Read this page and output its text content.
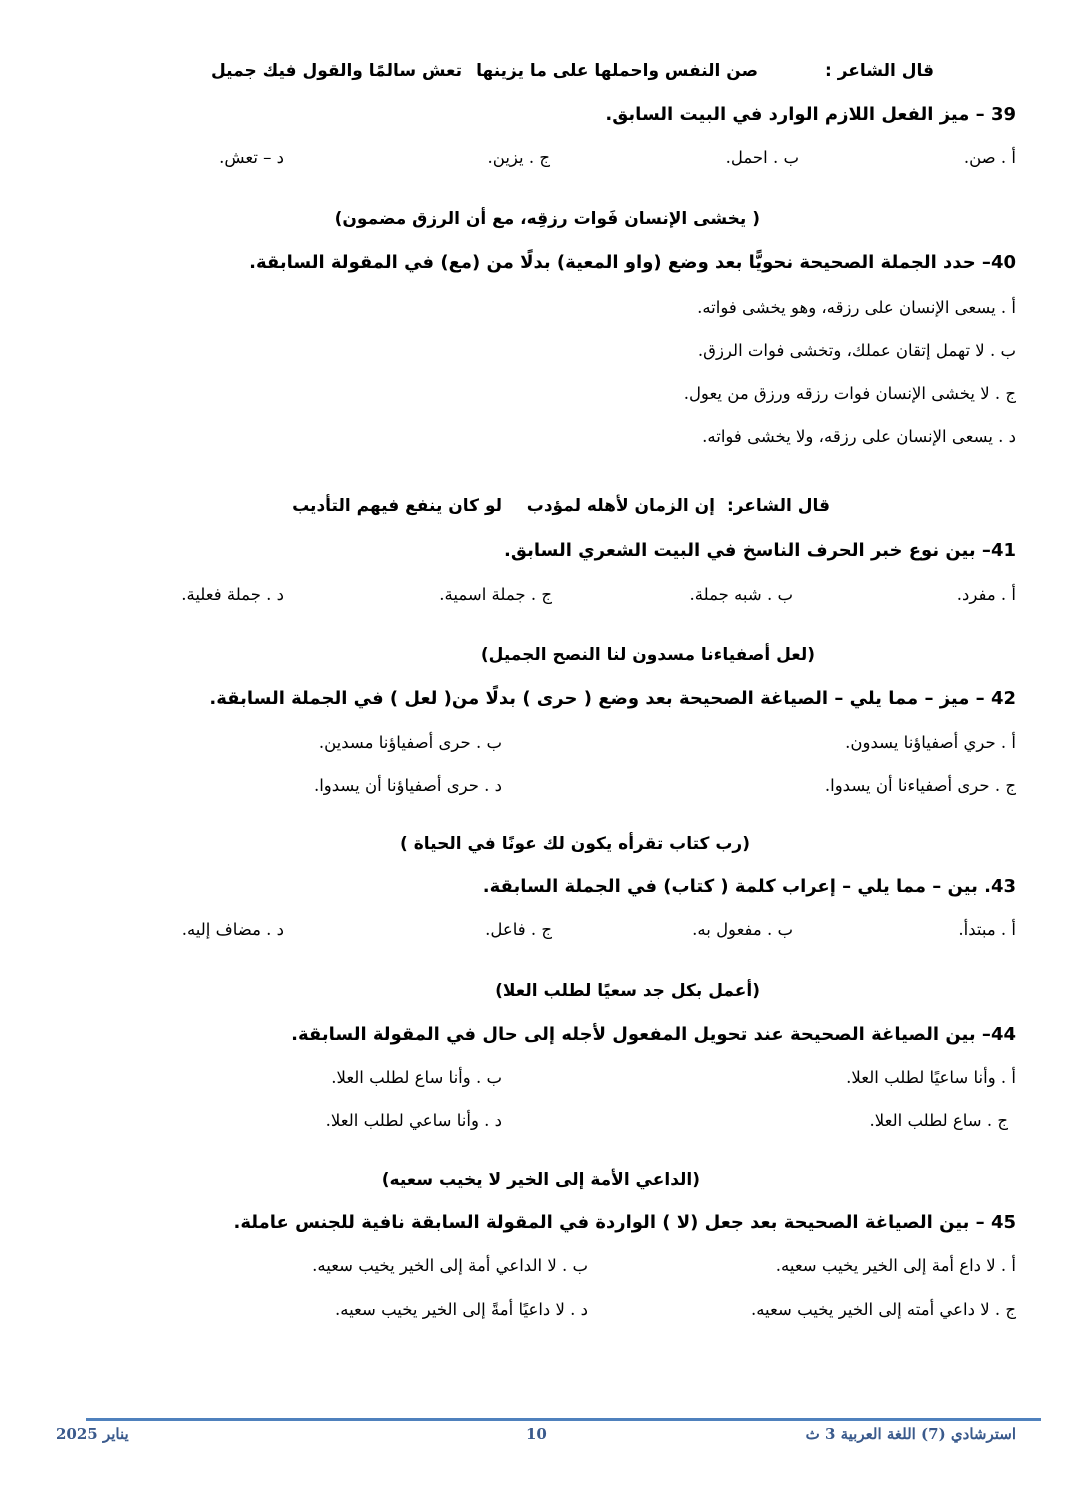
قال الشاعر :
صن النفس واحملها على ما يزينها
تعش سالمًا والقول فيك جميل
39 – ميز الفعل اللازم الوارد في البيت السابق.
أ . صن.
ب . احمل.
ج . يزين.
د – تعش.
( يخشى الإنسان فَوات رزقِه، مع أن الرزق مضمون)
40– حدد الجملة الصحيحة نحويًّا بعد وضع (واو المعية) بدلًا من (مع) في المقولة السابقة.
أ . يسعى الإنسان على رزقه، وهو يخشى فواته.
ب . لا تهمل إتقان عملك، وتخشى فوات الرزق.
ج . لا يخشى الإنسان فوات رزقه ورزق من يعول.
د . يسعى الإنسان على رزقه، ولا يخشى فواته.
قال الشاعر:
إن الزمان لأهله لمؤدب
لو كان ينفع فيهم التأديب
41– بين نوع خبر الحرف الناسخ في البيت الشعري السابق.
أ . مفرد.
ب . شبه جملة.
ج . جملة اسمية.
د . جملة فعلية.
(لعل أصفياءنا مسدون لنا النصح الجميل)
42 – ميز – مما يلي – الصياغة الصحيحة بعد وضع ( حرى ) بدلًا من( لعل ) في الجملة السابقة.
أ . حري أصفياؤنا يسدون.
ب . حرى أصفياؤنا مسدين.
ج . حرى أصفياءنا أن يسدوا.
د . حرى أصفياؤنا أن يسدوا.
(رب كتاب تقرأه يكون لك عونًا في الحياة )
43. بين – مما يلي – إعراب كلمة ( كتاب) في الجملة السابقة.
أ . مبتدأ.
ب . مفعول به.
ج . فاعل.
د . مضاف إليه.
(أعمل بكل جد سعيًا لطلب العلا)
44– بين الصياغة الصحيحة عند تحويل المفعول لأجله إلى حال في المقولة السابقة.
أ . وأنا ساعيًا لطلب العلا.
ب . وأنا ساع لطلب العلا.
ج . ساع لطلب العلا.
د . وأنا ساعي لطلب العلا.
(الداعي الأمة إلى الخير لا يخيب سعيه)
45 – بين الصياغة الصحيحة بعد جعل (لا ) الواردة في المقولة السابقة نافية للجنس عاملة.
أ . لا داع أمة إلى الخير يخيب سعيه.
ب . لا الداعي أمة إلى الخير يخيب سعيه.
ج . لا داعي أمته إلى الخير يخيب سعيه.
د . لا داعيًا أمةً إلى الخير يخيب سعيه.
استرشادي (7) اللغة العربية 3 ث
10
يناير 2025
